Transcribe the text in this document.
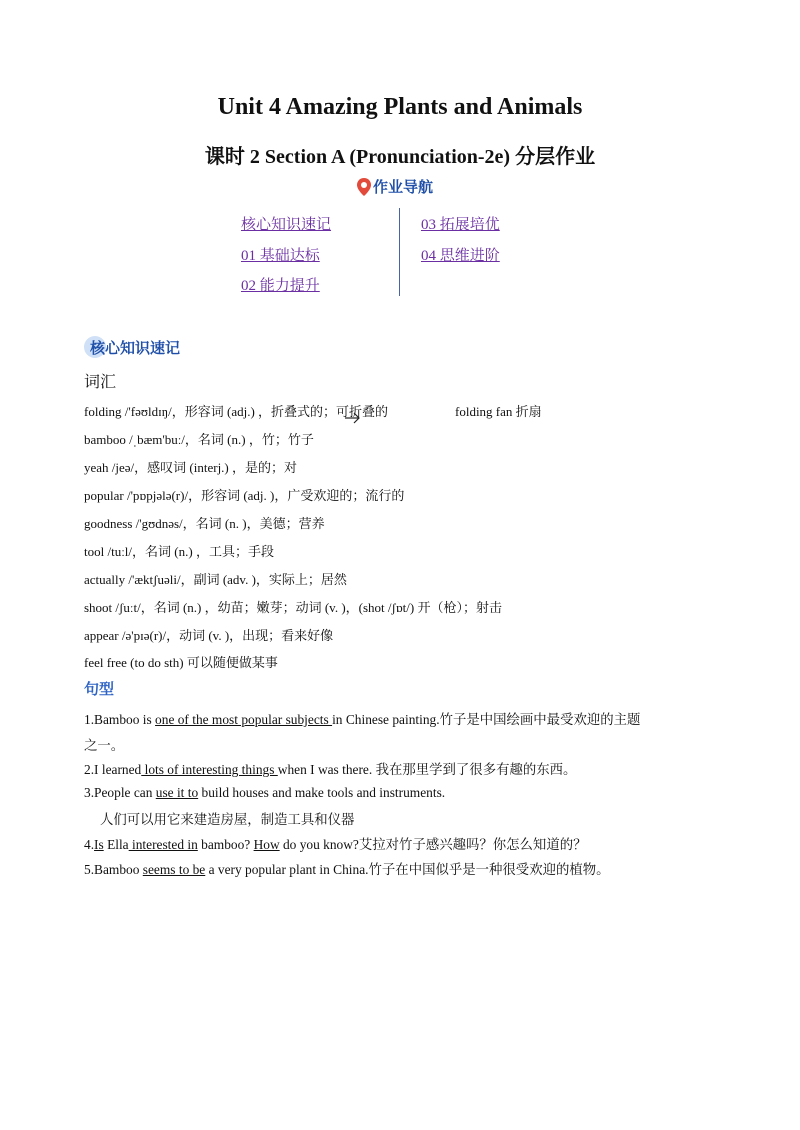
Unit 4 Amazing Plants and Animals
课时 2 Section A (Pronunciation-2e) 分层作业
作业导航
核心知识速记
01 基础达标
02 能力提升
03 拓展培优
04 思维进阶
核心知识速记
词汇
folding /'fəʊldɪŋ/，形容词 (adj.) ，折叠式的；可折叠的	folding fan 折扇
bamboo /ˌbæm'buː/，名词 (n.) ，竹；竹子
yeah /jeə/，感叹词 (interj.) ，是的；对
popular /'pɒpjələ(r)/，形容词 (adj. )，广受欢迎的；流行的
goodness /'gʊdnəs/，名词 (n. )，美德；营养
tool /tuːl/，名词 (n.) ，工具；手段
actually /'æktʃuəli/，副词 (adv. )，实际上；居然
shoot /ʃuːt/，名词 (n.) ，幼苗；嫩芽；动词 (v. )，(shot /ʃɒt/) 开（枪）；射击
appear /ə'pɪə(r)/，动词 (v. )，出现；看来好像
feel free (to do sth) 可以随便做某事
句型
1.Bamboo is one of the most popular subjects in Chinese painting.竹子是中国绘画中最受欢迎的主题
之一。
2.I learned lots of interesting things when I was there. 我在那里学到了很多有趣的东西。
3.People can use it to build houses and make tools and instruments.
人们可以用它来建造房屋，制造工具和仪器
4.Is Ella interested in bamboo? How do you know?艾拉对竹子感兴趣吗？你怎么知道的？
5.Bamboo seems to be a very popular plant in China.竹子在中国似乎是一种很受欢迎的植物。
